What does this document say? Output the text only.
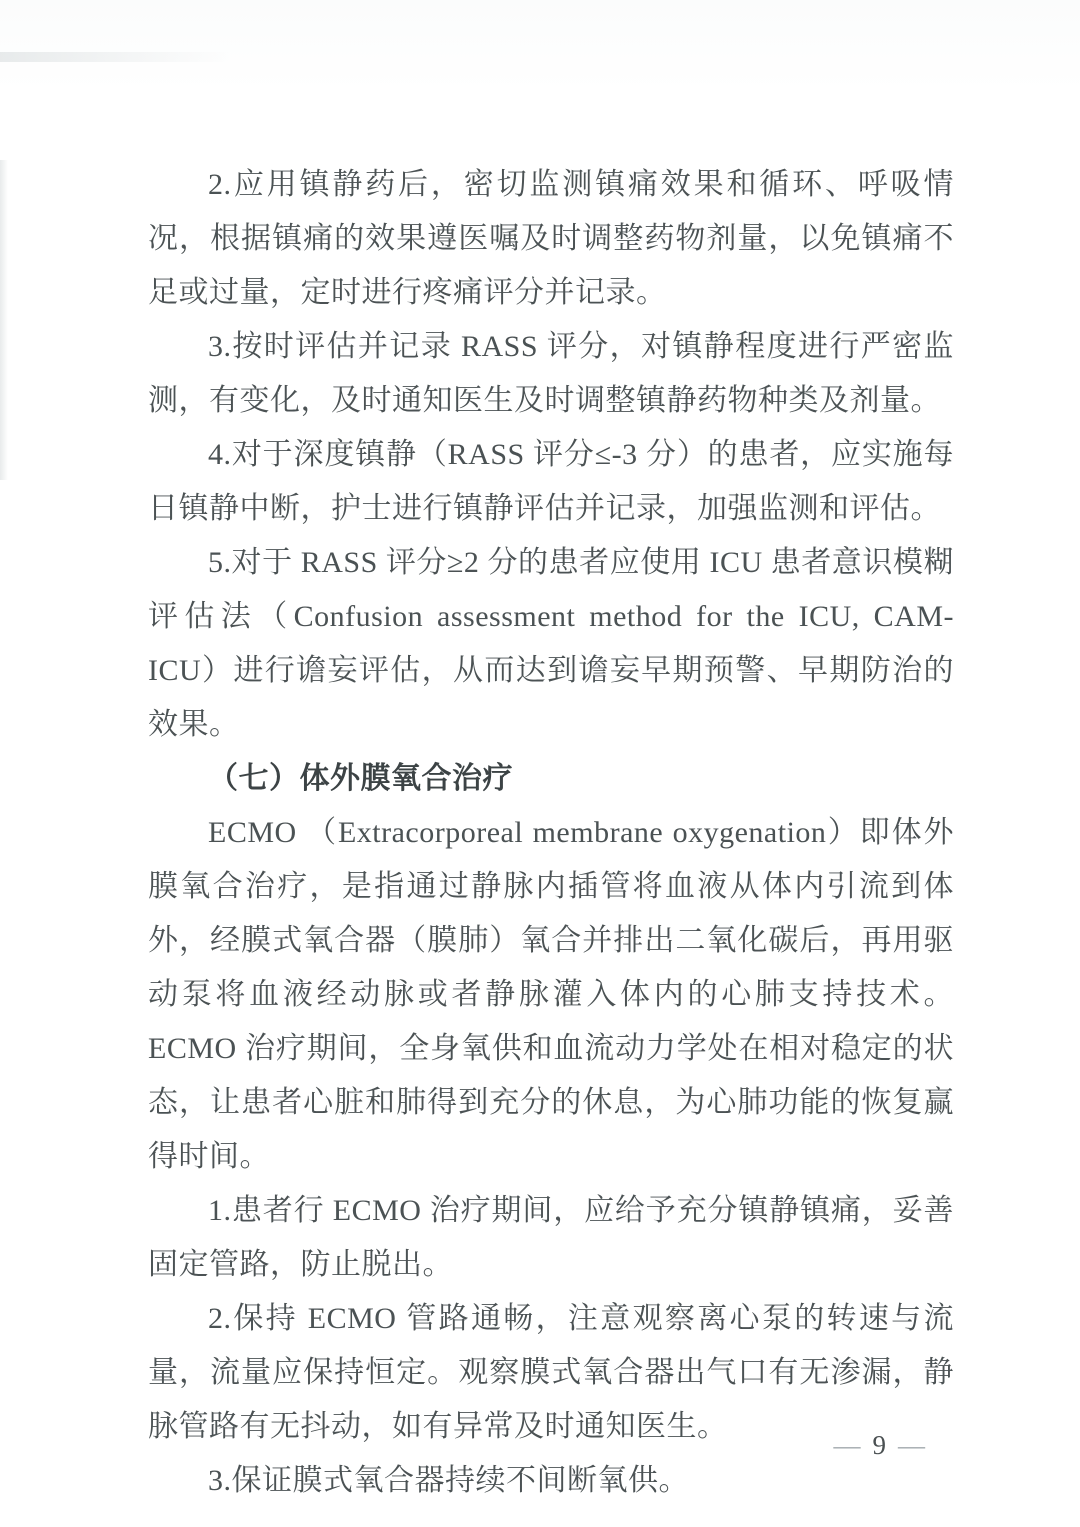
2.应用镇静药后，密切监测镇痛效果和循环、呼吸情况，根据镇痛的效果遵医嘱及时调整药物剂量，以免镇痛不足或过量，定时进行疼痛评分并记录。

3.按时评估并记录 RASS 评分，对镇静程度进行严密监测，有变化，及时通知医生及时调整镇静药物种类及剂量。

4.对于深度镇静（RASS 评分≤-3 分）的患者，应实施每日镇静中断，护士进行镇静评估并记录，加强监测和评估。

5.对于 RASS 评分≥2 分的患者应使用 ICU 患者意识模糊评估法（Confusion assessment method for the ICU, CAM-ICU）进行谵妄评估，从而达到谵妄早期预警、早期防治的效果。

（七）体外膜氧合治疗

ECMO （Extracorporeal membrane oxygenation）即体外膜氧合治疗，是指通过静脉内插管将血液从体内引流到体外，经膜式氧合器（膜肺）氧合并排出二氧化碳后，再用驱动泵将血液经动脉或者静脉灌入体内的心肺支持技术。ECMO 治疗期间，全身氧供和血流动力学处在相对稳定的状态，让患者心脏和肺得到充分的休息，为心肺功能的恢复赢得时间。

1.患者行 ECMO 治疗期间，应给予充分镇静镇痛，妥善固定管路，防止脱出。

2.保持 ECMO 管路通畅，注意观察离心泵的转速与流量，流量应保持恒定。观察膜式氧合器出气口有无渗漏，静脉管路有无抖动，如有异常及时通知医生。

3.保证膜式氧合器持续不间断氧供。

— 9 —
